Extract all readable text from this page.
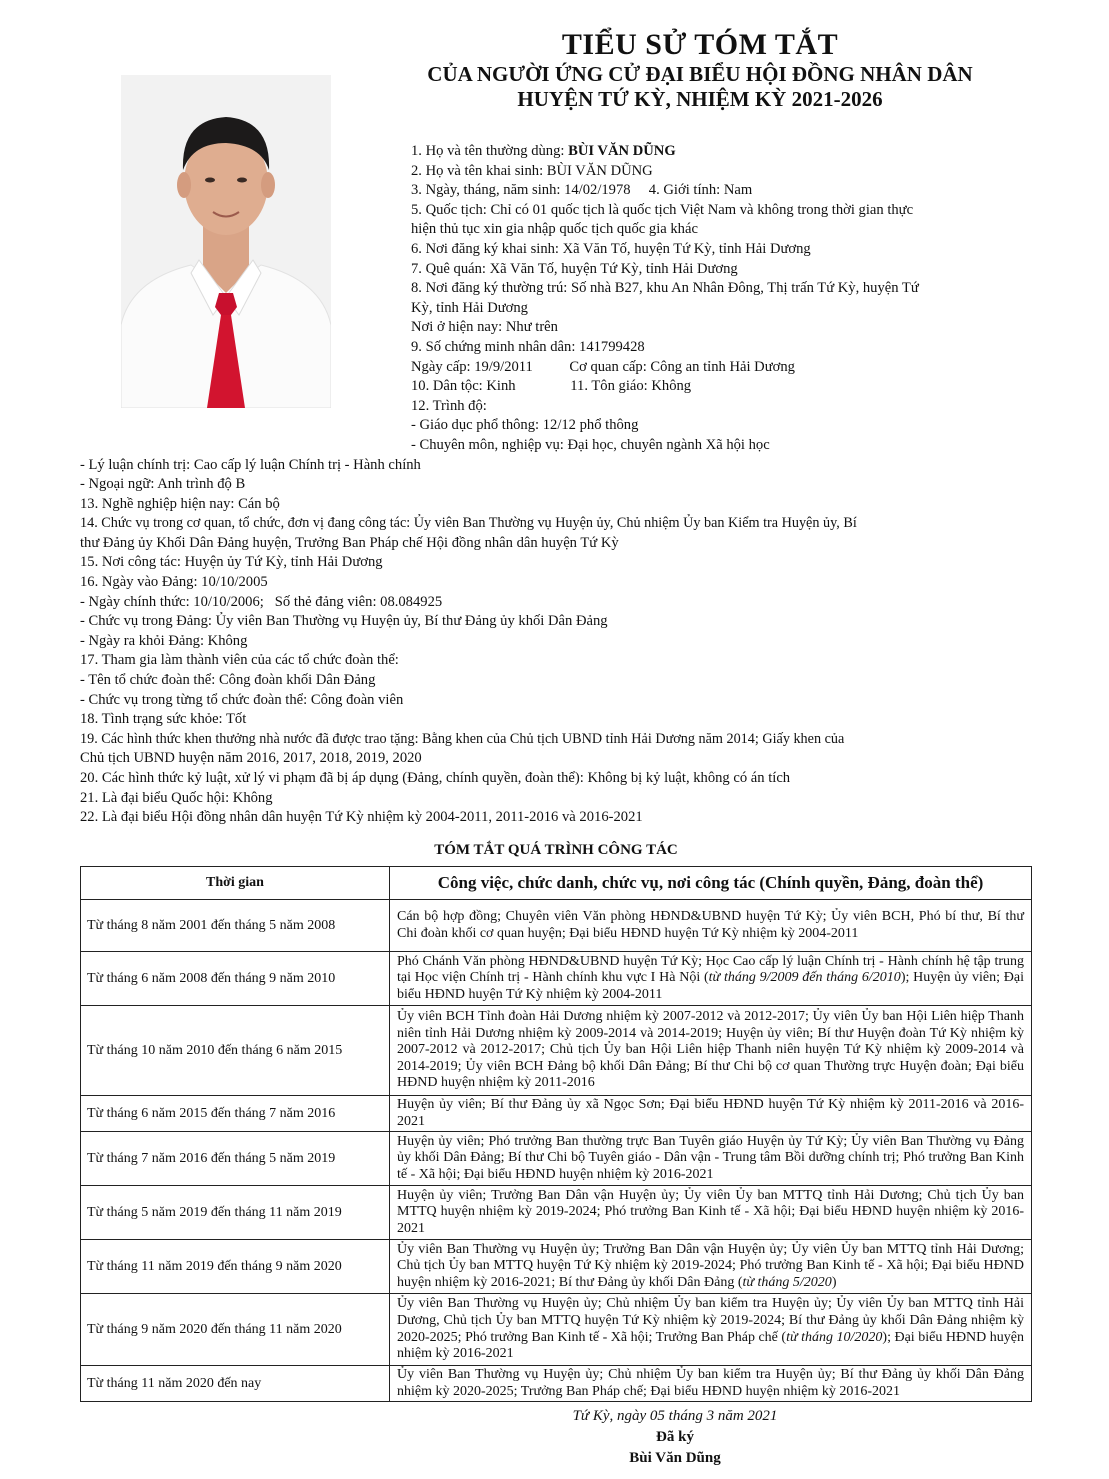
TIỂU SỬ TÓM TẮT
CỦA NGƯỜI ỨNG CỬ ĐẠI BIỂU HỘI ĐỒNG NHÂN DÂN
HUYỆN TỨ KỲ, NHIỆM KỲ 2021-2026
1. Họ và tên thường dùng: BÙI VĂN DŨNG
2. Họ và tên khai sinh: BÙI VĂN DŨNG
3. Ngày, tháng, năm sinh: 14/02/1978     4. Giới tính: Nam
5. Quốc tịch: Chỉ có 01 quốc tịch là quốc tịch Việt Nam và không trong thời gian thực
hiện thủ tục xin gia nhập quốc tịch quốc gia khác
6. Nơi đăng ký khai sinh: Xã Văn Tố, huyện Tứ Kỳ, tỉnh Hải Dương
7. Quê quán: Xã Văn Tố, huyện Tứ Kỳ, tỉnh Hải Dương
8. Nơi đăng ký thường trú: Số nhà B27, khu An Nhân Đông, Thị trấn Tứ Kỳ, huyện Tứ
Kỳ, tỉnh Hải Dương
Nơi ở hiện nay: Như trên
9. Số chứng minh nhân dân: 141799428
Ngày cấp: 19/9/2011          Cơ quan cấp: Công an tỉnh Hải Dương
10. Dân tộc: Kinh               11. Tôn giáo: Không
12. Trình độ:
- Giáo dục phổ thông: 12/12 phổ thông
- Chuyên môn, nghiệp vụ: Đại học, chuyên ngành Xã hội học
- Lý luận chính trị: Cao cấp lý luận Chính trị - Hành chính
- Ngoại ngữ: Anh trình độ B
13. Nghề nghiệp hiện nay: Cán bộ
14. Chức vụ trong cơ quan, tổ chức, đơn vị đang công tác: Ủy viên Ban Thường vụ Huyện ủy, Chủ nhiệm Ủy ban Kiểm tra Huyện ủy, Bí
thư Đảng ủy Khối Dân Đảng huyện, Trưởng Ban Pháp chế Hội đồng nhân dân huyện Tứ Kỳ
15. Nơi công tác: Huyện ủy Tứ Kỳ, tỉnh Hải Dương
16. Ngày vào Đảng: 10/10/2005
- Ngày chính thức: 10/10/2006;   Số thẻ đảng viên: 08.084925
- Chức vụ trong Đảng: Ủy viên Ban Thường vụ Huyện ủy, Bí thư Đảng ủy khối Dân Đảng
- Ngày ra khỏi Đảng: Không
17. Tham gia làm thành viên của các tổ chức đoàn thể:
- Tên tổ chức đoàn thể: Công đoàn khối Dân Đảng
- Chức vụ trong từng tổ chức đoàn thể: Công đoàn viên
18. Tình trạng sức khỏe: Tốt
19. Các hình thức khen thưởng nhà nước đã được trao tặng: Bằng khen của Chủ tịch UBND tỉnh Hải Dương năm 2014; Giấy khen của
Chủ tịch UBND huyện năm 2016, 2017, 2018, 2019, 2020
20. Các hình thức kỷ luật, xử lý vi phạm đã bị áp dụng (Đảng, chính quyền, đoàn thể): Không bị kỷ luật, không có án tích
21. Là đại biểu Quốc hội: Không
22. Là đại biểu Hội đồng nhân dân huyện Tứ Kỳ nhiệm kỳ 2004-2011, 2011-2016 và 2016-2021
TÓM TẮT QUÁ TRÌNH CÔNG TÁC
Thời gian	Công việc, chức danh, chức vụ, nơi công tác (Chính quyền, Đảng, đoàn thể)
Từ tháng 8 năm 2001 đến tháng 5 năm 2008	Cán bộ hợp đồng; Chuyên viên Văn phòng HĐND&UBND huyện Tứ Kỳ; Ủy viên BCH, Phó bí thư, Bí thư Chi đoàn khối cơ quan huyện; Đại biểu HĐND huyện Tứ Kỳ nhiệm kỳ 2004-2011
Từ tháng 6 năm 2008 đến tháng 9 năm 2010	Phó Chánh Văn phòng HĐND&UBND huyện Tứ Kỳ; Học Cao cấp lý luận Chính trị - Hành chính hệ tập trung tại Học viện Chính trị - Hành chính khu vực I Hà Nội (từ tháng 9/2009 đến tháng 6/2010); Huyện ủy viên; Đại biểu HĐND huyện Tứ Kỳ nhiệm kỳ 2004-2011
Từ tháng 10 năm 2010 đến tháng 6 năm 2015	Ủy viên BCH Tỉnh đoàn Hải Dương nhiệm kỳ 2007-2012 và 2012-2017; Ủy viên Ủy ban Hội Liên hiệp Thanh niên tỉnh Hải Dương nhiệm kỳ 2009-2014 và 2014-2019; Huyện ủy viên; Bí thư Huyện đoàn Tứ Kỳ nhiệm kỳ 2007-2012 và 2012-2017; Chủ tịch Ủy ban Hội Liên hiệp Thanh niên huyện Tứ Kỳ nhiệm kỳ 2009-2014 và 2014-2019; Ủy viên BCH Đảng bộ khối Dân Đảng; Bí thư Chi bộ cơ quan Thường trực Huyện đoàn; Đại biểu HĐND huyện nhiệm kỳ 2011-2016
Từ tháng 6 năm 2015 đến tháng 7 năm 2016	Huyện ủy viên; Bí thư Đảng ủy xã Ngọc Sơn; Đại biểu HĐND huyện Tứ Kỳ nhiệm kỳ 2011-2016 và 2016-2021
Từ tháng 7 năm 2016 đến tháng 5 năm 2019	Huyện ủy viên; Phó trưởng Ban thường trực Ban Tuyên giáo Huyện ủy Tứ Kỳ; Ủy viên Ban Thường vụ Đảng ủy khối Dân Đảng; Bí thư Chi bộ Tuyên giáo - Dân vận - Trung tâm Bồi dưỡng chính trị; Phó trưởng Ban Kinh tế - Xã hội; Đại biểu HĐND huyện nhiệm kỳ 2016-2021
Từ tháng 5 năm 2019 đến tháng 11 năm 2019	Huyện ủy viên; Trưởng Ban Dân vận Huyện ủy; Ủy viên Ủy ban MTTQ tỉnh Hải Dương; Chủ tịch Ủy ban MTTQ huyện nhiệm kỳ 2019-2024; Phó trưởng Ban Kinh tế - Xã hội; Đại biểu HĐND huyện nhiệm kỳ 2016-2021
Từ tháng 11 năm 2019 đến tháng 9 năm 2020	Ủy viên Ban Thường vụ Huyện ủy; Trưởng Ban Dân vận Huyện ủy; Ủy viên Ủy ban MTTQ tỉnh Hải Dương; Chủ tịch Ủy ban MTTQ huyện Tứ Kỳ nhiệm kỳ 2019-2024; Phó trưởng Ban Kinh tế - Xã hội; Đại biểu HĐND huyện nhiệm kỳ 2016-2021; Bí thư Đảng ủy khối Dân Đảng (từ tháng 5/2020)
Từ tháng 9 năm 2020 đến tháng 11 năm 2020	Ủy viên Ban Thường vụ Huyện ủy; Chủ nhiệm Ủy ban kiểm tra Huyện ủy; Ủy viên Ủy ban MTTQ tỉnh Hải Dương, Chủ tịch Ủy ban MTTQ huyện Tứ Kỳ nhiệm kỳ 2019-2024; Bí thư Đảng ủy khối Dân Đảng nhiệm kỳ 2020-2025; Phó trưởng Ban Kinh tế - Xã hội; Trưởng Ban Pháp chế (từ tháng 10/2020); Đại biểu HĐND huyện nhiệm kỳ 2016-2021
Từ tháng 11 năm 2020 đến nay	Ủy viên Ban Thường vụ Huyện ủy; Chủ nhiệm Ủy ban kiểm tra Huyện ủy; Bí thư Đảng ủy khối Dân Đảng nhiệm kỳ 2020-2025; Trưởng Ban Pháp chế; Đại biểu HĐND huyện nhiệm kỳ 2016-2021
Tứ Kỳ, ngày 05 tháng 3 năm 2021
Đã ký
Bùi Văn Dũng
